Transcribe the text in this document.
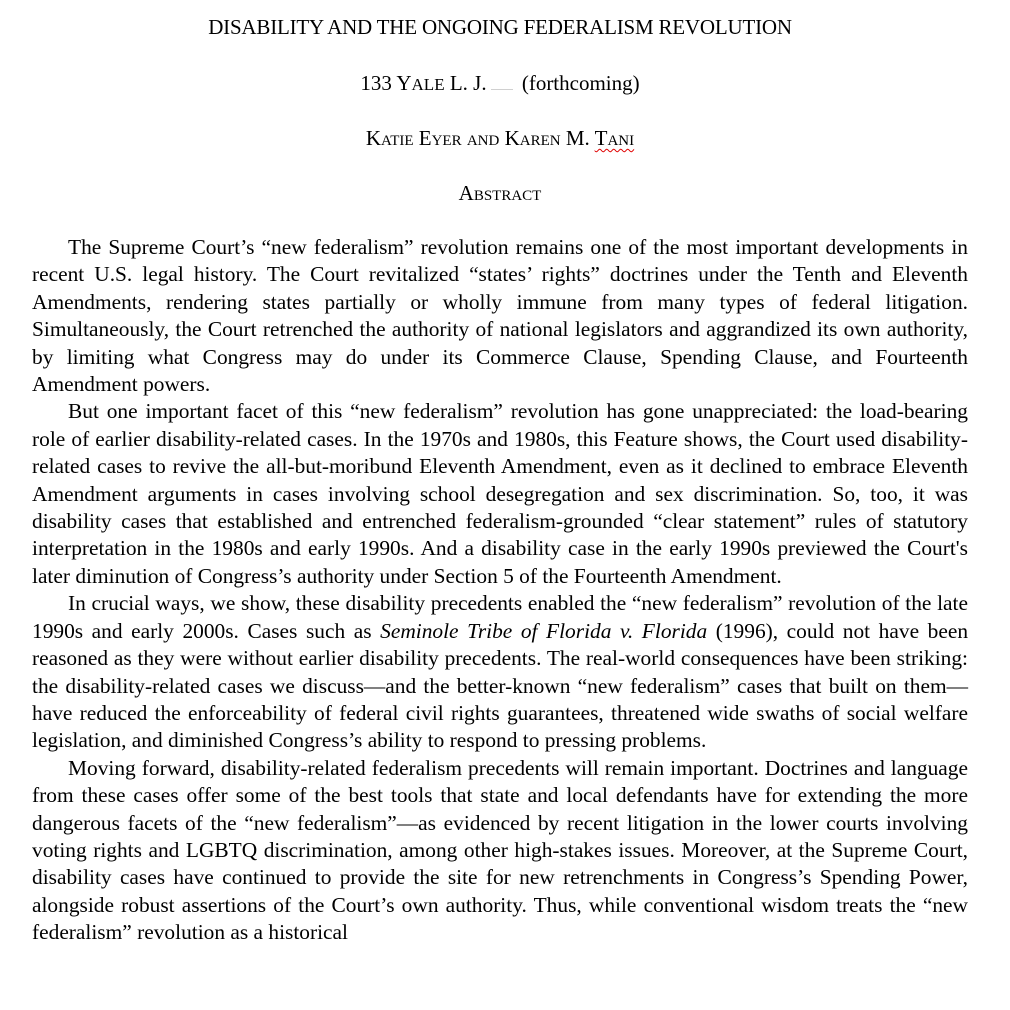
DISABILITY AND THE ONGOING FEDERALISM REVOLUTION
133 YALE L. J. (forthcoming)
Katie Eyer and Karen M. Tani
Abstract

The Supreme Court’s “new federalism” revolution remains one of the most important developments in recent U.S. legal history. The Court revitalized “states’ rights” doctrines under the Tenth and Eleventh Amendments, rendering states partially or wholly immune from many types of federal litigation. Simultaneously, the Court retrenched the authority of national legislators and aggrandized its own authority, by limiting what Congress may do under its Commerce Clause, Spending Clause, and Fourteenth Amendment powers.

But one important facet of this “new federalism” revolution has gone unappreciated: the load-bearing role of earlier disability-related cases. In the 1970s and 1980s, this Feature shows, the Court used disability-related cases to revive the all-but-moribund Eleventh Amendment, even as it declined to embrace Eleventh Amendment arguments in cases involving school desegregation and sex discrimination. So, too, it was disability cases that established and entrenched federalism-grounded “clear statement” rules of statutory interpretation in the 1980s and early 1990s. And a disability case in the early 1990s previewed the Court's later diminution of Congress’s authority under Section 5 of the Fourteenth Amendment.

In crucial ways, we show, these disability precedents enabled the “new federalism” revolution of the late 1990s and early 2000s. Cases such as Seminole Tribe of Florida v. Florida (1996), could not have been reasoned as they were without earlier disability precedents. The real-world consequences have been striking: the disability-related cases we discuss—and the better-known “new federalism” cases that built on them—have reduced the enforceability of federal civil rights guarantees, threatened wide swaths of social welfare legislation, and diminished Congress’s ability to respond to pressing problems.

Moving forward, disability-related federalism precedents will remain important. Doctrines and language from these cases offer some of the best tools that state and local defendants have for extending the more dangerous facets of the “new federalism”—as evidenced by recent litigation in the lower courts involving voting rights and LGBTQ discrimination, among other high-stakes issues. Moreover, at the Supreme Court, disability cases have continued to provide the site for new retrenchments in Congress’s Spending Power, alongside robust assertions of the Court’s own authority. Thus, while conventional wisdom treats the “new federalism” revolution as a historical
